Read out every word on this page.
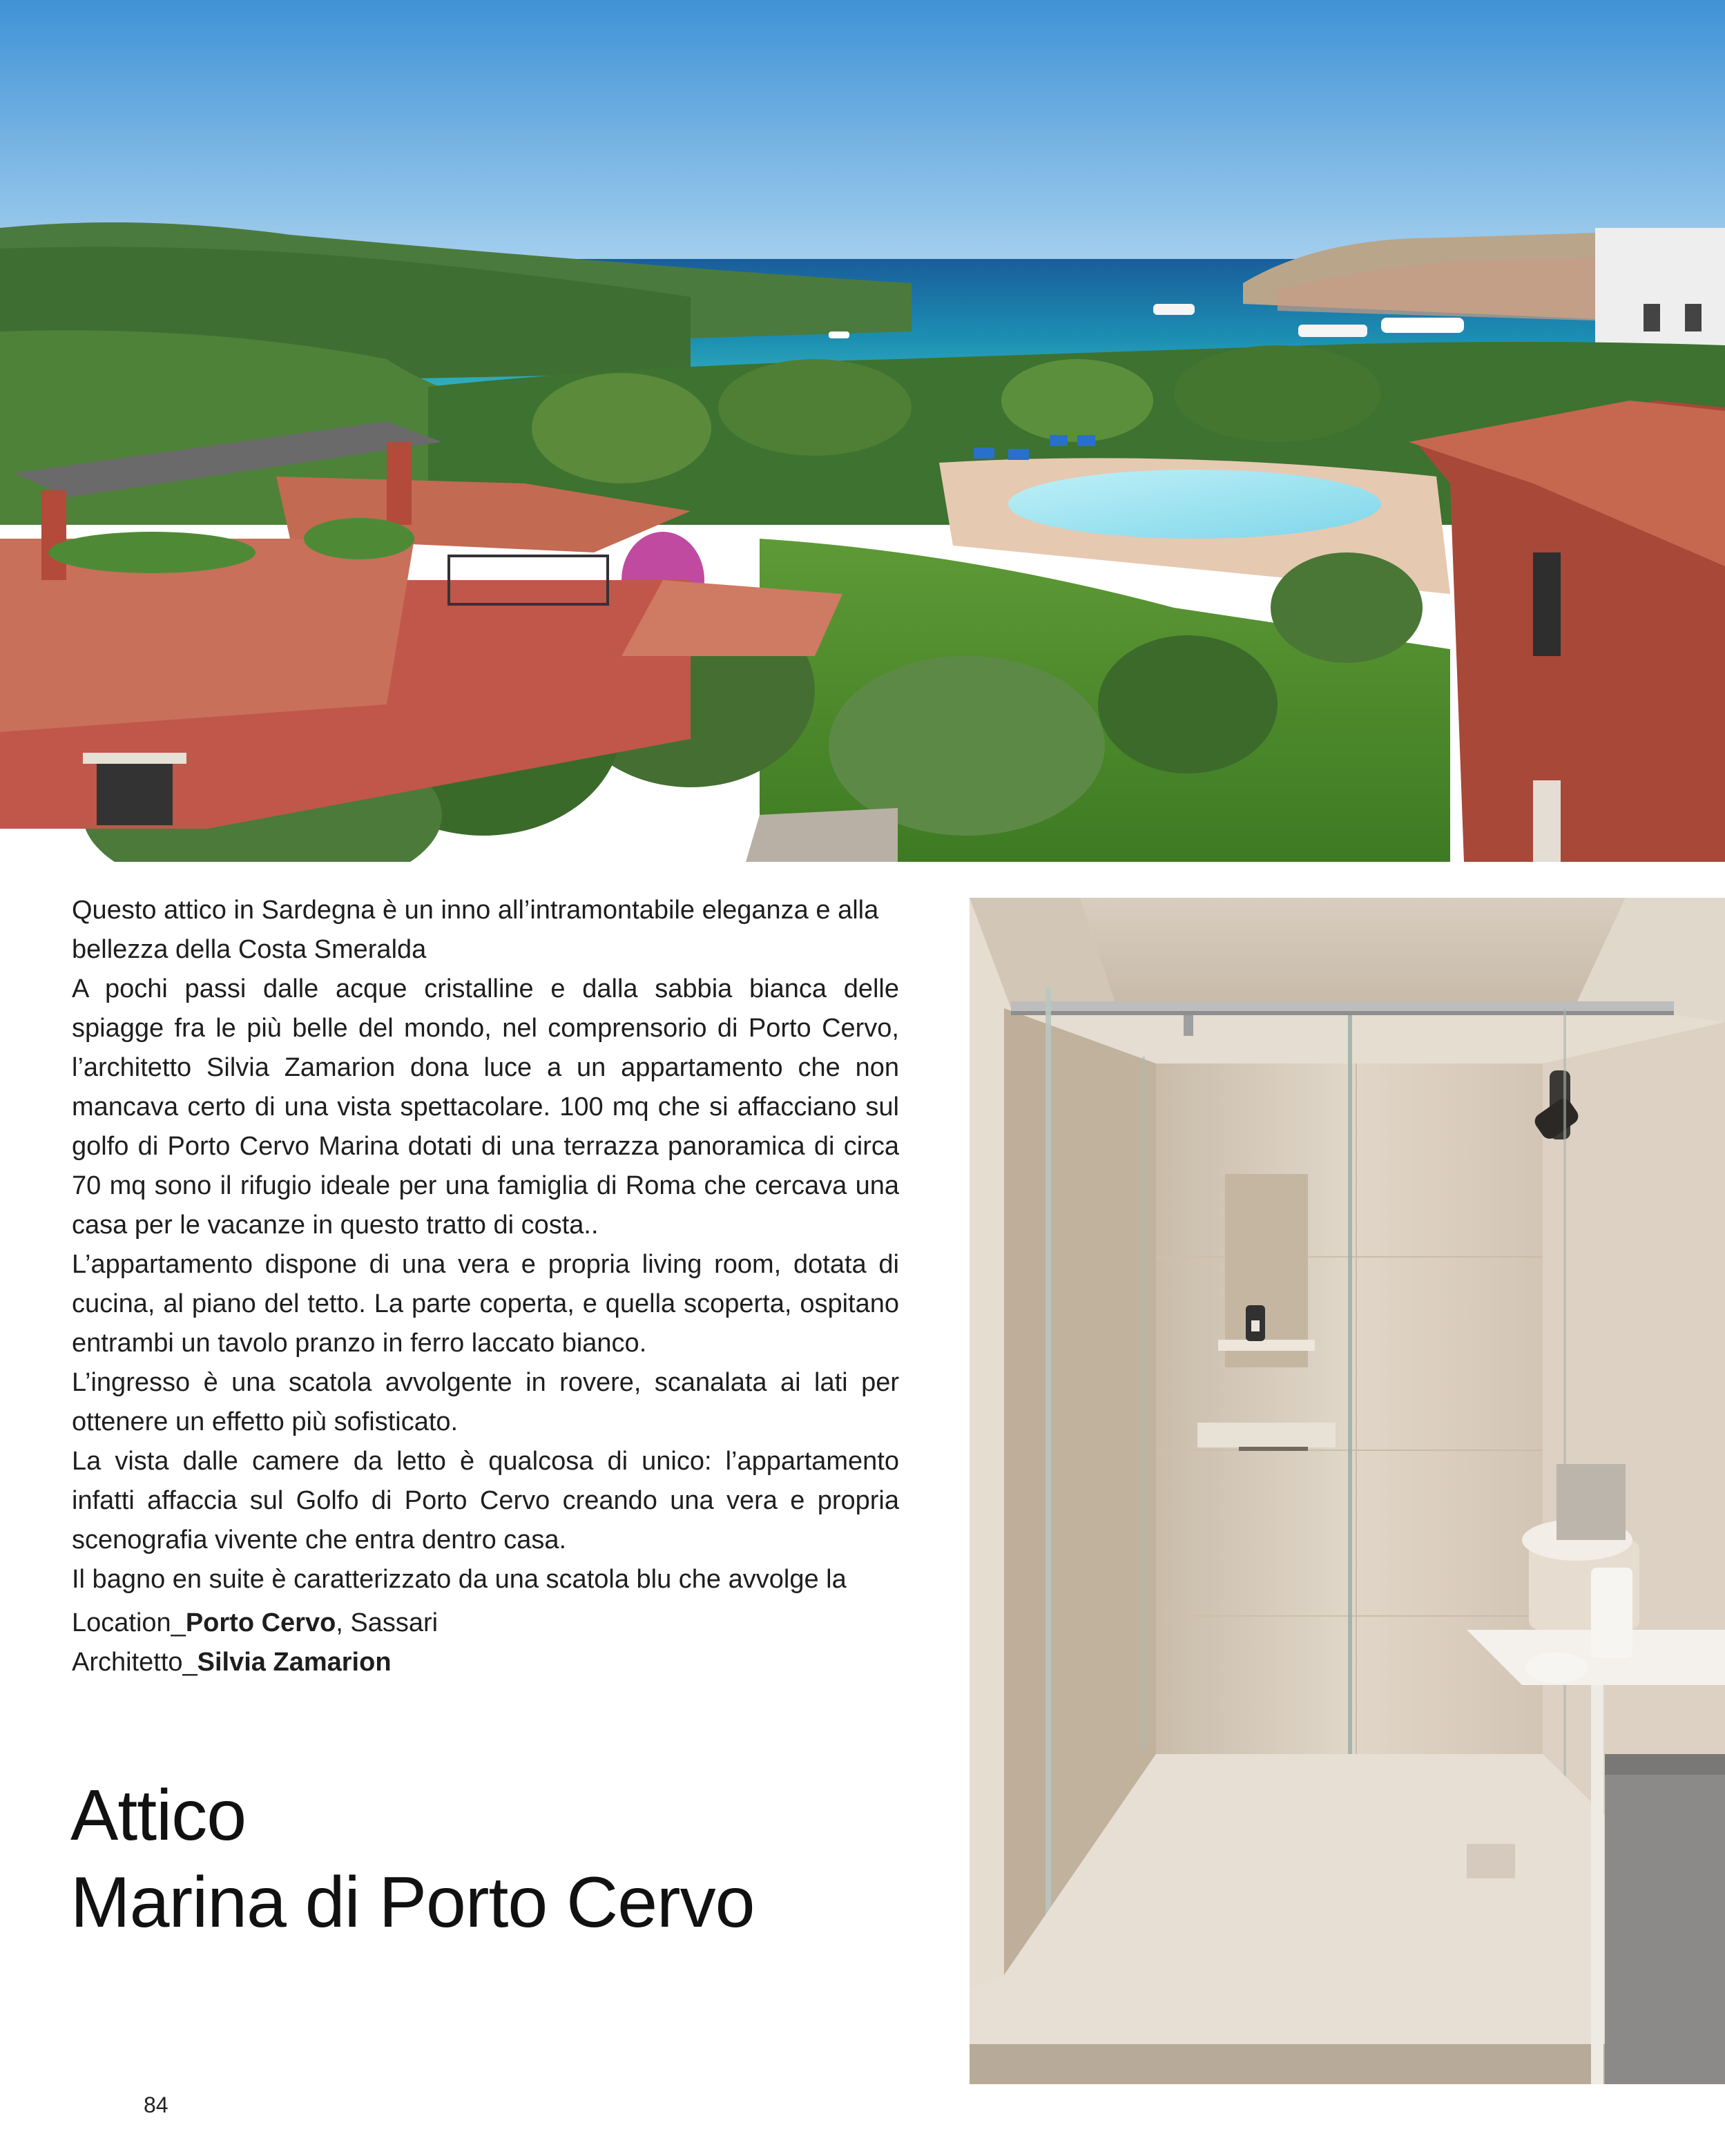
Questo attico in Sardegna è un inno all’intramontabile eleganza e alla bellezza della Costa Smeralda

A pochi passi dalle acque cristalline e dalla sabbia bianca delle spiagge fra le più belle del mondo, nel comprensorio di Porto Cervo, l’architetto Silvia Zamarion dona luce a un appartamento che non mancava certo di una vista spettacolare. 100 mq che si affacciano sul golfo di Porto Cervo Marina dotati di una terrazza panoramica di circa 70 mq sono il rifugio ideale per una famiglia di Roma che cercava una casa per le vacanze in questo tratto di costa..

L’appartamento dispone di una vera e propria living room, dotata di cucina, al piano del tetto. La parte coperta, e quella scoperta, ospitano entrambi un tavolo pranzo in ferro laccato bianco.

L’ingresso è una scatola avvolgente in rovere, scanalata ai lati per ottenere un effetto più sofisticato.

La vista dalle camere da letto è qualcosa di unico: l’appartamento infatti affaccia sul Golfo di Porto Cervo creando una vera e propria scenografia vivente che entra dentro casa.

Il bagno en suite è caratterizzato da una scatola blu che avvolge la

Location_Porto Cervo, Sassari
Architetto_Silvia Zamarion
Attico
Marina di Porto Cervo
84
